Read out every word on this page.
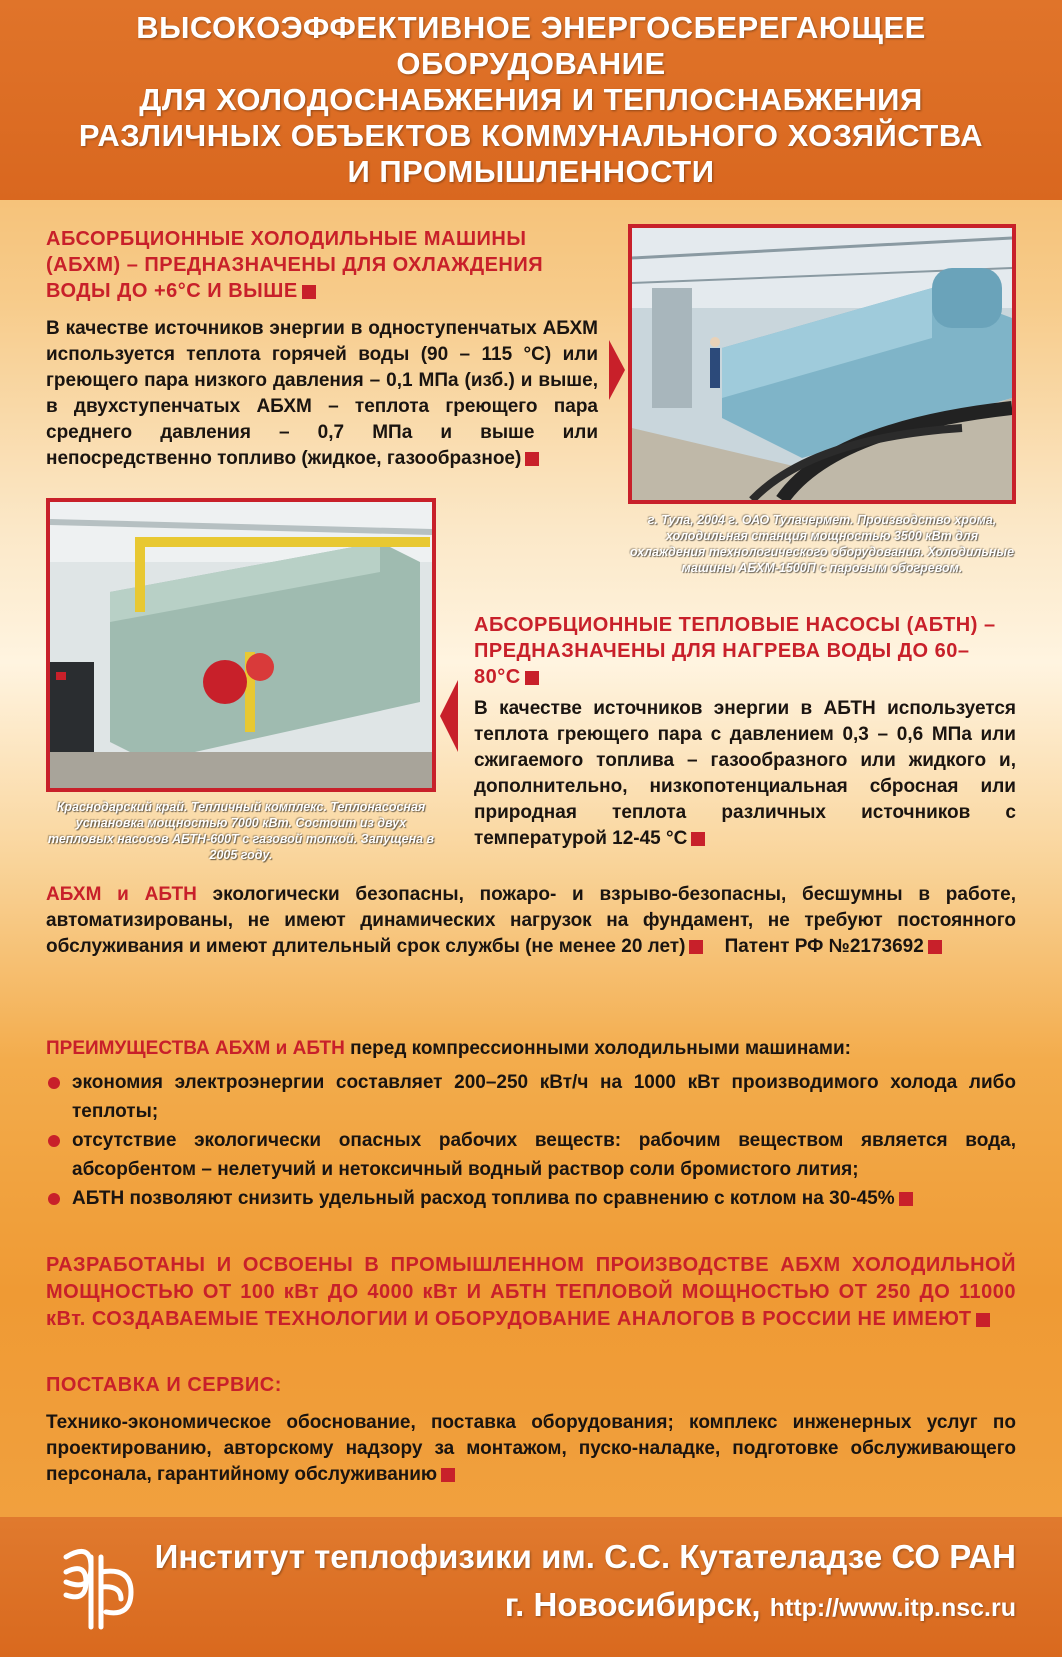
ВЫСОКОЭФФЕКТИВНОЕ ЭНЕРГОСБЕРЕГАЮЩЕЕ ОБОРУДОВАНИЕ
ДЛЯ ХОЛОДОСНАБЖЕНИЯ И ТЕПЛОСНАБЖЕНИЯ
РАЗЛИЧНЫХ ОБЪЕКТОВ КОММУНАЛЬНОГО ХОЗЯЙСТВА
И ПРОМЫШЛЕННОСТИ
АБСОРБЦИОННЫЕ ХОЛОДИЛЬНЫЕ МАШИНЫ (АБХМ) – ПРЕДНАЗНАЧЕНЫ ДЛЯ ОХЛАЖДЕНИЯ ВОДЫ ДО +6°С И ВЫШЕ
В качестве источников энергии в одноступенчатых АБХМ используется теплота горячей воды (90 – 115 °С) или греющего пара низкого давления – 0,1 МПа (изб.) и выше, в двухступенчатых АБХМ – теплота греющего пара среднего давления – 0,7 МПа и выше или непосредственно топливо (жидкое, газообразное)
г. Тула, 2004 г. ОАО Тулачермет. Производство хрома, холодильная станция мощностью 3500 кВт для охлаждения технологического оборудования. Холодильные машины АБХМ-1500П с паровым обогревом.
Краснодарский край. Тепличный комплекс. Теплонасосная установка мощностью 7000 кВт. Состоит из двух тепловых насосов АБТН-600Т с газовой топкой. Запущена в 2005 году.
АБСОРБЦИОННЫЕ ТЕПЛОВЫЕ НАСОСЫ (АБТН) – ПРЕДНАЗНАЧЕНЫ ДЛЯ НАГРЕВА ВОДЫ ДО 60–80°С
В качестве источников энергии в АБТН используется теплота греющего пара с давлением 0,3 – 0,6 МПа или сжигаемого топлива – газообразного или жидкого и, дополнительно, низкопотенциальная сбросная или природная теплота различных источников с температурой 12-45 °С
АБХМ и АБТН экологически безопасны, пожаро- и взрыво-безопасны, бесшумны в работе, автоматизированы, не имеют динамических нагрузок на фундамент, не требуют постоянного обслуживания и имеют длительный срок службы (не менее 20 лет) Патент РФ №2173692
ПРЕИМУЩЕСТВА АБХМ и АБТН перед компрессионными холодильными машинами:
экономия электроэнергии составляет 200–250 кВт/ч на 1000 кВт производимого холода либо теплоты;
отсутствие экологически опасных рабочих веществ: рабочим веществом является вода, абсорбентом – нелетучий и нетоксичный водный раствор соли бромистого лития;
АБТН позволяют снизить удельный расход топлива по сравнению с котлом на 30-45%
РАЗРАБОТАНЫ И ОСВОЕНЫ В ПРОМЫШЛЕННОМ ПРОИЗВОДСТВЕ АБХМ ХОЛОДИЛЬНОЙ МОЩНОСТЬЮ ОТ 100 кВт ДО 4000 кВт И АБТН ТЕПЛОВОЙ МОЩНОСТЬЮ ОТ 250 ДО 11000 кВт. СОЗДАВАЕМЫЕ ТЕХНОЛОГИИ И ОБОРУДОВАНИЕ АНАЛОГОВ В РОССИИ НЕ ИМЕЮТ
ПОСТАВКА И СЕРВИС:
Технико-экономическое обоснование, поставка оборудования; комплекс инженерных услуг по проектированию, авторскому надзору за монтажом, пуско-наладке, подготовке обслуживающего персонала, гарантийному обслуживанию
Институт теплофизики им. С.С. Кутателадзе СО РАН
г. Новосибирск, http://www.itp.nsc.ru
